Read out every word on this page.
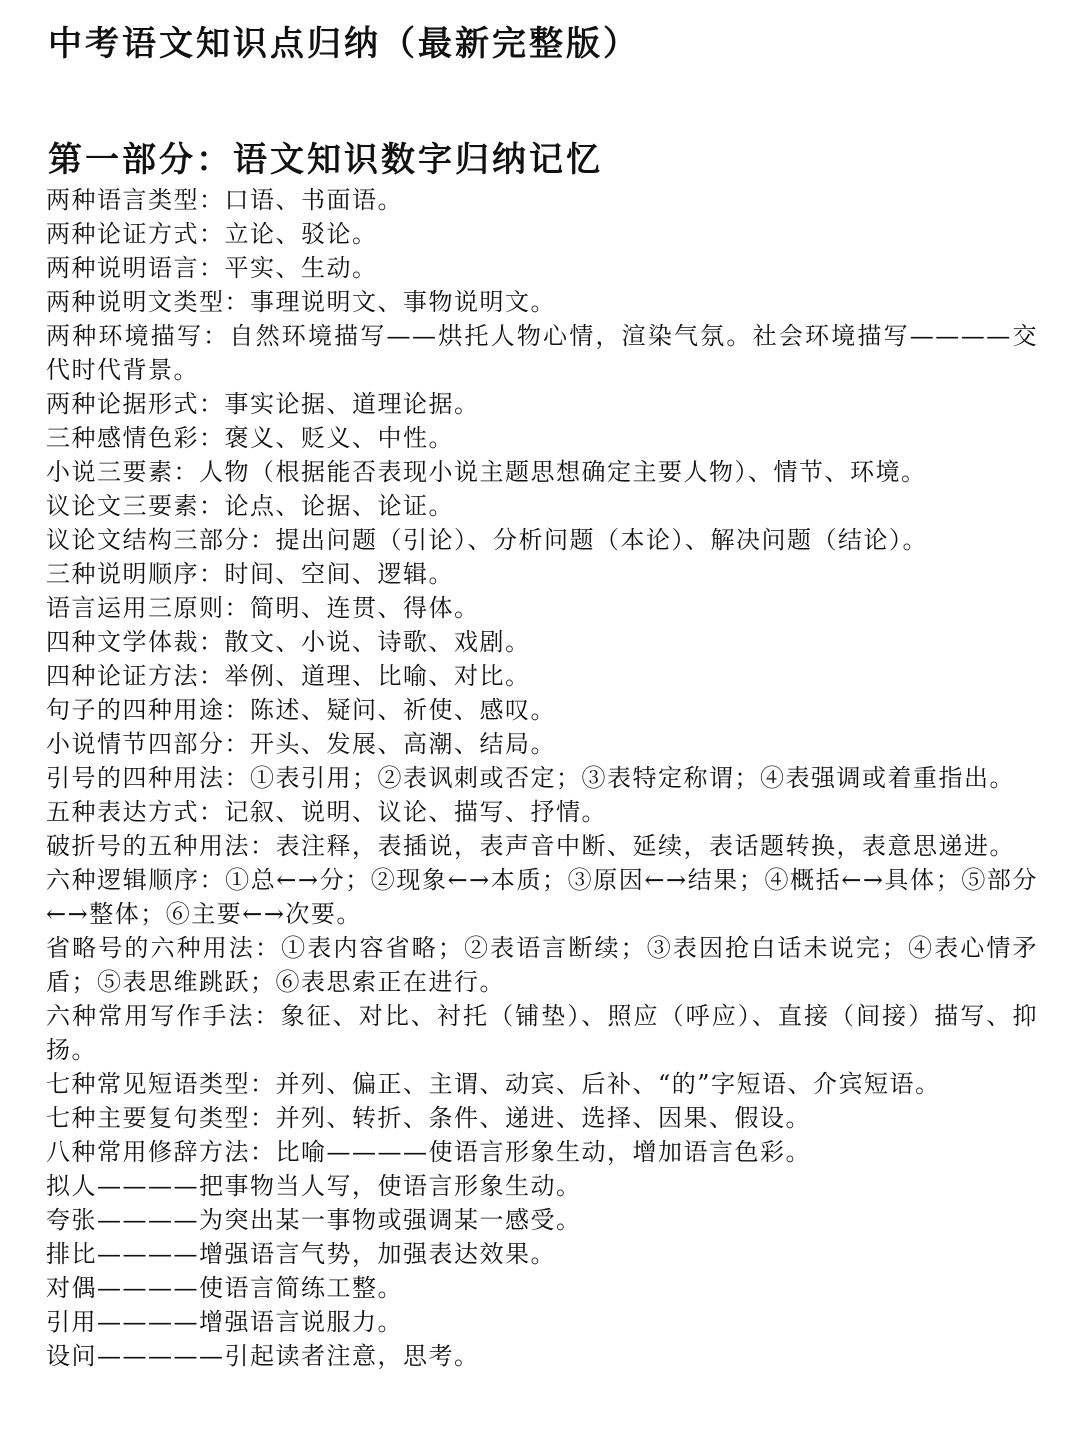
中考语文知识点归纳（最新完整版）
第一部分：语文知识数字归纳记忆
两种语言类型：口语、书面语。
两种论证方式：立论、驳论。
两种说明语言：平实、生动。
两种说明文类型：事理说明文、事物说明文。
两种环境描写：自然环境描写——烘托人物心情，渲染气氛。社会环境描写————交代时代背景。
两种论据形式：事实论据、道理论据。
三种感情色彩：褒义、贬义、中性。
小说三要素：人物（根据能否表现小说主题思想确定主要人物）、情节、环境。
议论文三要素：论点、论据、论证。
议论文结构三部分：提出问题（引论）、分析问题（本论）、解决问题（结论）。
三种说明顺序：时间、空间、逻辑。
语言运用三原则：简明、连贯、得体。
四种文学体裁：散文、小说、诗歌、戏剧。
四种论证方法：举例、道理、比喻、对比。
句子的四种用途：陈述、疑问、祈使、感叹。
小说情节四部分：开头、发展、高潮、结局。
引号的四种用法：①表引用；②表讽刺或否定；③表特定称谓；④表强调或着重指出。
五种表达方式：记叙、说明、议论、描写、抒情。
破折号的五种用法：表注释，表插说，表声音中断、延续，表话题转换，表意思递进。
六种逻辑顺序：①总←→分；②现象←→本质；③原因←→结果；④概括←→具体；⑤部分←→整体；⑥主要←→次要。
省略号的六种用法：①表内容省略；②表语言断续；③表因抢白话未说完；④表心情矛盾；⑤表思维跳跃；⑥表思索正在进行。
六种常用写作手法：象征、对比、衬托（铺垫）、照应（呼应）、直接（间接）描写、抑扬。
七种常见短语类型：并列、偏正、主谓、动宾、后补、“的”字短语、介宾短语。
七种主要复句类型：并列、转折、条件、递进、选择、因果、假设。
八种常用修辞方法：比喻————使语言形象生动，增加语言色彩。
拟人————把事物当人写，使语言形象生动。
夸张————为突出某一事物或强调某一感受。
排比————增强语言气势，加强表达效果。
对偶————使语言简练工整。
引用————增强语言说服力。
设问—————引起读者注意，思考。
